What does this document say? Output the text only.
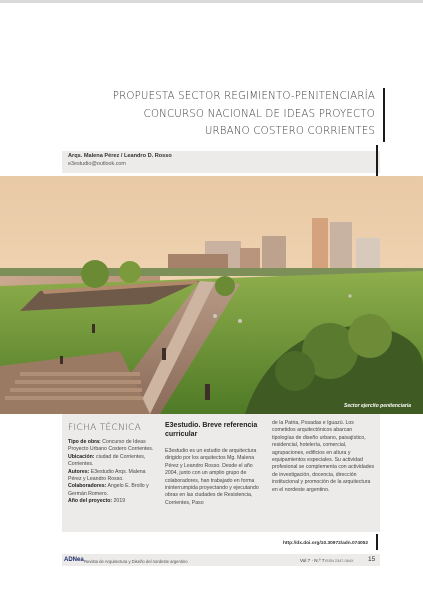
PROPUESTA SECTOR REGIMIENTO-PENITENCIARÍA
CONCURSO NACIONAL DE IDEAS PROYECTO
URBANO COSTERO CORRIENTES
Arqs. Malena Pérez / Leandro D. Rosso
e3estudio@outlook.com
Sector ejercito penitenciaria
FICHA TÉCNICA

Tipo de obra: Concurso de Ideas Proyecto Urbano Costero Corrientes.

Ubicación: ciudad de Corrientes, Corrientes.

Autores: E3estudio Arqs. Malena Pérez y Leandro Rosso.

Colaboradores: Angelo E. Brollo y Germán Romero.

Año del proyecto: 2019

E3estudio. Breve referencia curricular
E3estudio es un estudio de arquitectura dirigido por los arquitectos Mg. Malena Pérez y Leandro Rosso. Desde el año 2004, junto con un amplio grupo de colaboradores, han trabajado en forma ininterrumpida proyectando y ejecutando obras en las ciudades de Resistencia, Corrientes, Paso
de la Patria, Posadas e Iguazú. Los cometidos arquitectónicos abarcan tipologías de diseño urbano, paisajístico, residencial, hotelería, comercial, agrupaciones, edificios en altura y equipamientos especiales. Su actividad profesional se complementa con actividades de investigación, docencia, dirección institucional y promoción de la arquitectura en el nordeste argentino.
http://dx.doi.org/10.30972/adn.074052
ADNea Revista de Arquitectura y Diseño del nordeste argentino	Vol 7 · N.º 7 ISSN 2347-064X 15
